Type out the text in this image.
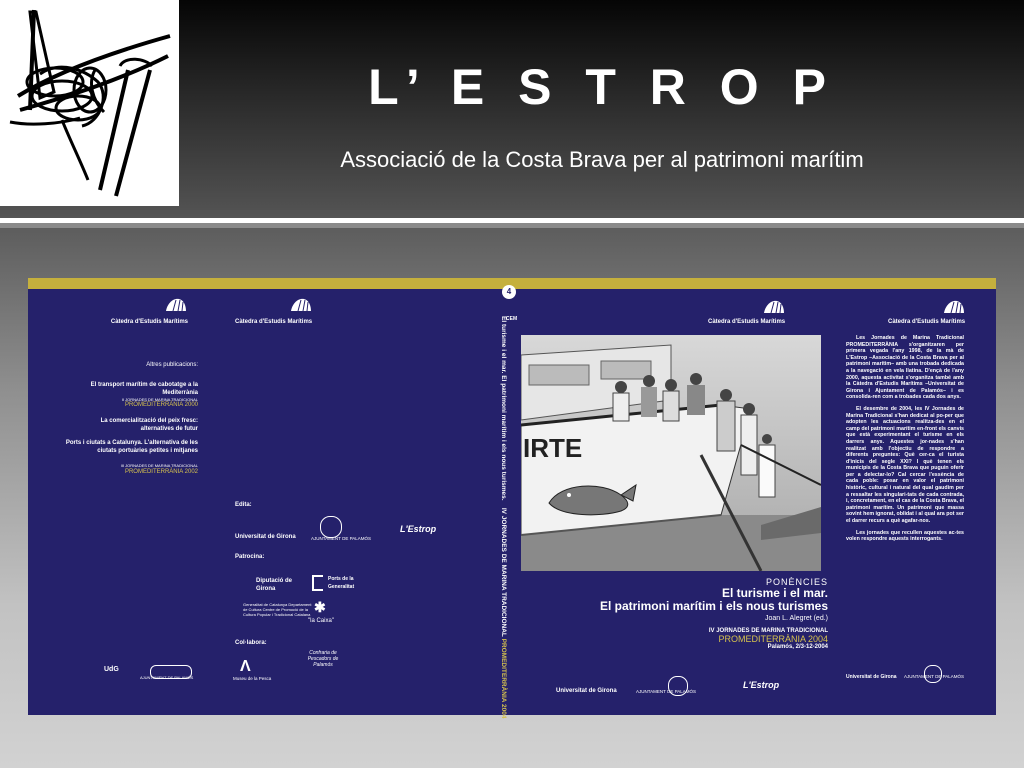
L’ E S T R O P

Associació de la Costa Brava per al patrimoni marítim

Càtedra d'Estudis Marítims
Altres publicacions:
El transport marítim de cabotatge a la Mediterrània
II JORNADES DE MARINA TRADICIONAL
PROMEDITERRÀNIA 2000
La comercialització del peix fresc: alternatives de futur
Ports i ciutats a Catalunya. L'alternativa de les ciutats portuàries petites i mitjanes
III JORNADES DE MARINA TRADICIONAL
PROMEDITERRÀNIA 2002
UdG
AJUNTAMENT DE PALAMÓS
Càtedra d'Estudis Marítims
Edita:
Universitat de Girona	AJUNTAMENT DE PALAMÓS
L'Estrop
Patrocina:
Diputació de Girona
Ports de la Generalitat
Generalitat de Catalunya Departament de Cultura Centre de Promoció de la Cultura Popular i Tradicional Catalana ✱
"la Caixa"
Col·labora:
Λ
Museu de la Pesca
Confraria de Pescadors de Palamós
4
CEM
El turisme i el mar. El patrimoni marítim i els nous turismes.    IV JORNADES DE MARINA TRADICIONAL PROMEDITERRÀNIA 2004
Càtedra d'Estudis Marítims
IRTE
PONÈNCIES
El turisme i el mar.
El patrimoni marítim i els nous turismes
Joan L. Alegret (ed.)
IV JORNADES DE MARINA TRADICIONAL
PROMEDITERRÀNIA 2004
Palamós, 2/3-12-2004
Universitat de Girona	AJUNTAMENT DE PALAMÓS
L'Estrop
Càtedra d'Estudis Marítims

Les Jornades de Marina Tradicional PROMEDITERRÀNIA s'organitzaren per primera vegada l'any 1998, de la mà de L'Estrop –Associació de la Costa Brava per al patrimoni marítim– amb una trobada dedicada a la navegació en vela llatina. D'ençà de l'any 2000, aquesta activitat s'organitza també amb la Càtedra d'Estudis Marítims –Universitat de Girona i Ajuntament de Palamós– i es consolida-ren com a trobades cada dos anys.

El desembre de 2004, les IV Jornades de Marina Tradicional s'han dedicat al po-per que adopten les actuacions realitza-des en el camp del patrimoni marítim en-front els canvis que està experimentant el turisme en els darrers anys. Aquestes jor-nades s'han realitzat amb l'objectiu de respondre a diferents preguntes: Què cer-ca el turista d'inicis del segle XXI? I què tenen els municipis de la Costa Brava que puguin oferir per a delectar-lo? Cal cercar l'essència de cada poble: posar en valor el patrimoni històric, cultural i natural del qual gaudim per a ressaltar les singulari-tats de cada contrada, i, concretament, en el cas de la Costa Brava, el patrimoni marítim. Un patrimoni que massa sovint hem ignorat, oblidat i al qual ara pot ser el darrer recurs a què agafar-nos.

Les jornades que recullen aquestes ac-tes volen respondre aquests interrogants.

Universitat de Girona AJUNTAMENT DE PALAMÓS
